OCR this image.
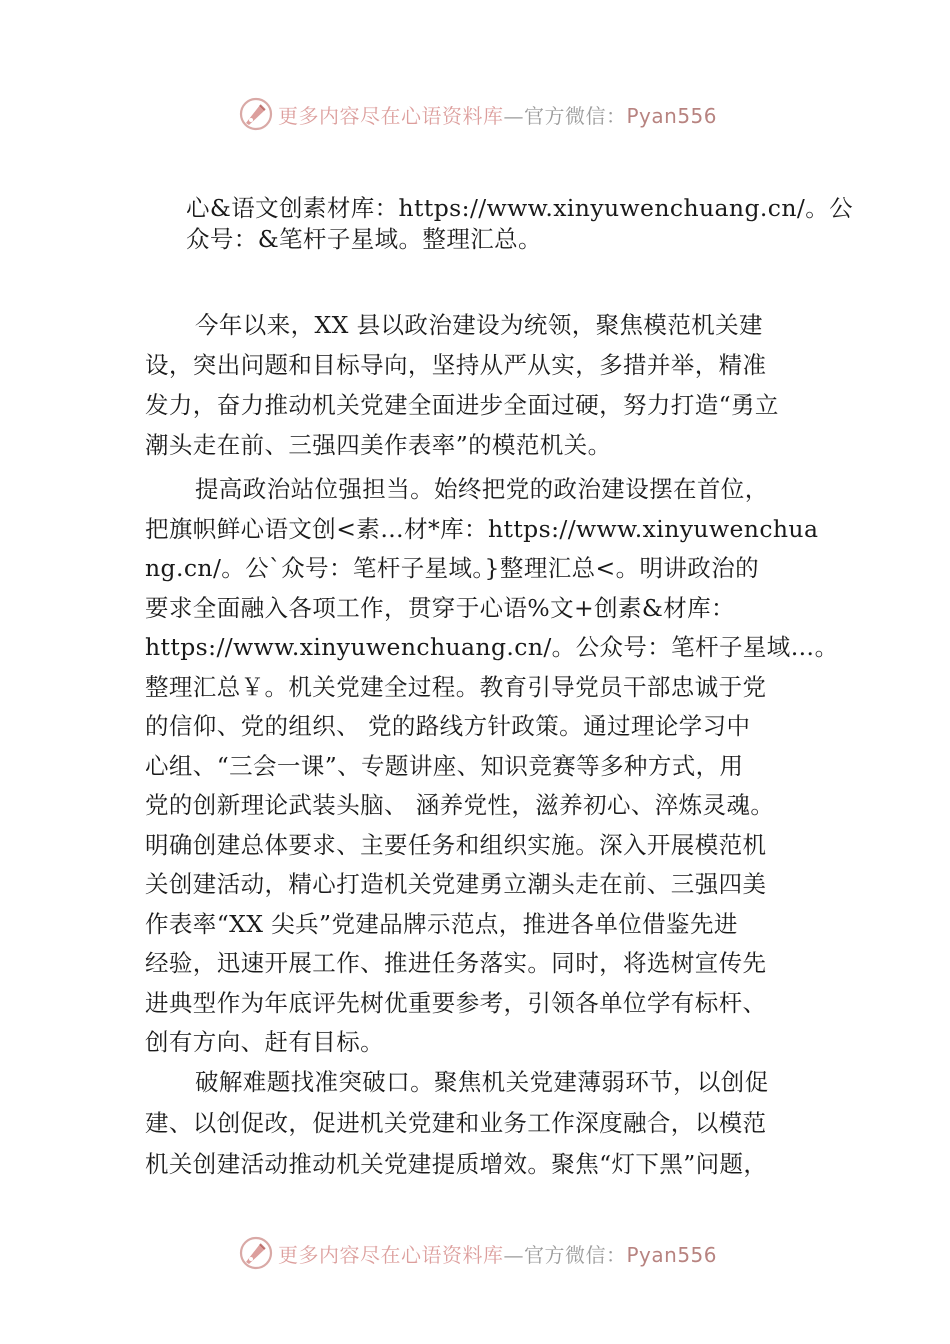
更多内容尽在心语资料库—官方微信：Pyan556
心&语文创素材库：https://www.xinyuwenchuang.cn/。公
众号：&笔杆子星域。整理汇总。
今年以来，XX 县以政治建设为统领，聚焦模范机关建
设，突出问题和目标导向，坚持从严从实，多措并举，精准
发力，奋力推动机关党建全面进步全面过硬，努力打造“勇立
潮头走在前、三强四美作表率”的模范机关。
提高政治站位强担当。始终把党的政治建设摆在首位，
把旗帜鲜心语文创<素…材*库：https://www.xinyuwenchua
ng.cn/。公`众号：笔杆子星域。}整理汇总<。明讲政治的
要求全面融入各项工作，贯穿于心语%文+创素&材库：
https://www.xinyuwenchuang.cn/。公众号：笔杆子星域…。
整理汇总￥。机关党建全过程。教育引导党员干部忠诚于党
的信仰、党的组织、 党的路线方针政策。通过理论学习中
心组、“三会一课”、专题讲座、知识竞赛等多种方式，用
党的创新理论武装头脑、 涵养党性，滋养初心、淬炼灵魂。
明确创建总体要求、主要任务和组织实施。深入开展模范机
关创建活动，精心打造机关党建勇立潮头走在前、三强四美
作表率“XX 尖兵”党建品牌示范点，推进各单位借鉴先进
经验，迅速开展工作、推进任务落实。同时，将选树宣传先
进典型作为年底评先树优重要参考，引领各单位学有标杆、
创有方向、赶有目标。
破解难题找准突破口。聚焦机关党建薄弱环节，以创促
建、以创促改，促进机关党建和业务工作深度融合，以模范
机关创建活动推动机关党建提质增效。聚焦“灯下黑”问题，
更多内容尽在心语资料库—官方微信：Pyan556
